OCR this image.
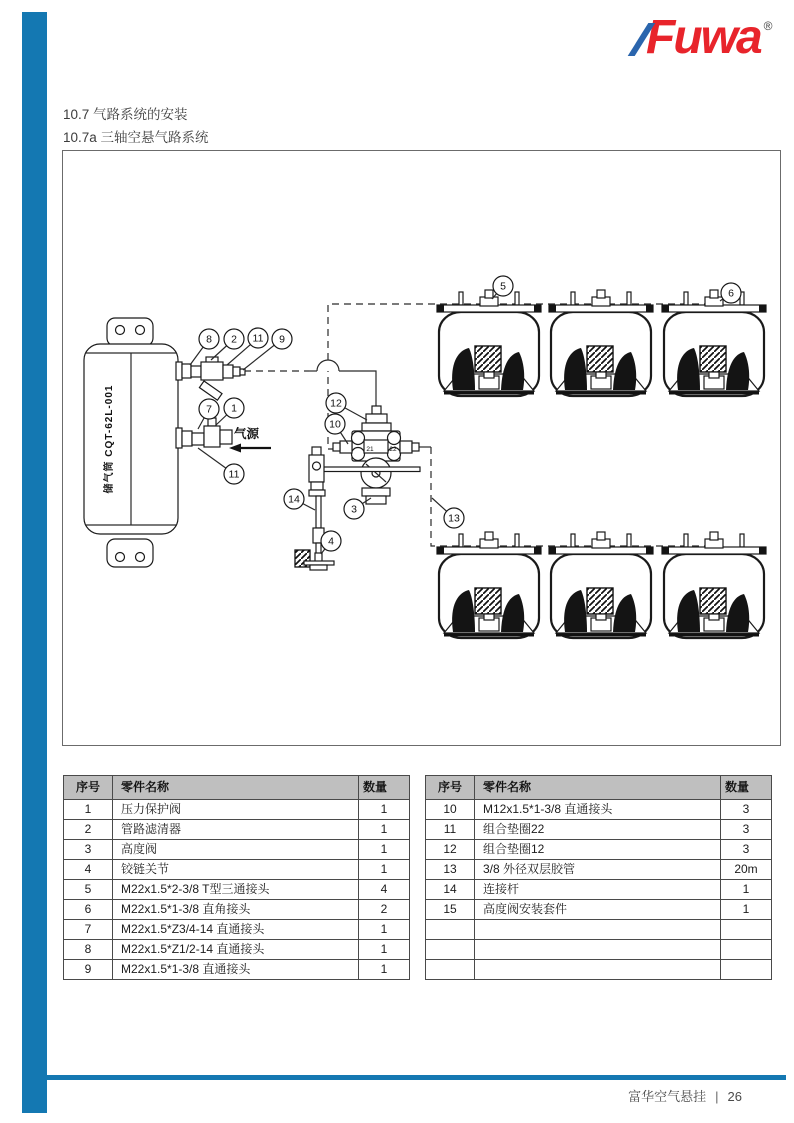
Fuwa ®
10.7 气路系统的安装
10.7a 三轴空悬气路系统
储气筒 CQT-62L-001	气源
21 22
8 2 11 9
7 1
11
12
10
3
14
4
13
5
6
序号	零件名称	数量
1	压力保护阀	1
2	管路滤清器	1
3	高度阀	1
4	铰链关节	1
5	M22x1.5*2-3/8 T型三通接头	4
6	M22x1.5*1-3/8 直角接头	2
7	M22x1.5*Z3/4-14 直通接头	1
8	M22x1.5*Z1/2-14 直通接头	1
9	M22x1.5*1-3/8 直通接头	1
序号	零件名称	数量
10	M12x1.5*1-3/8 直通接头	3
11	组合垫圈22	3
12	组合垫圈12	3
13	3/8 外径双层胶管	20m
14	连接杆	1
15	高度阀安装套件	1

富华空气悬挂 | 26
